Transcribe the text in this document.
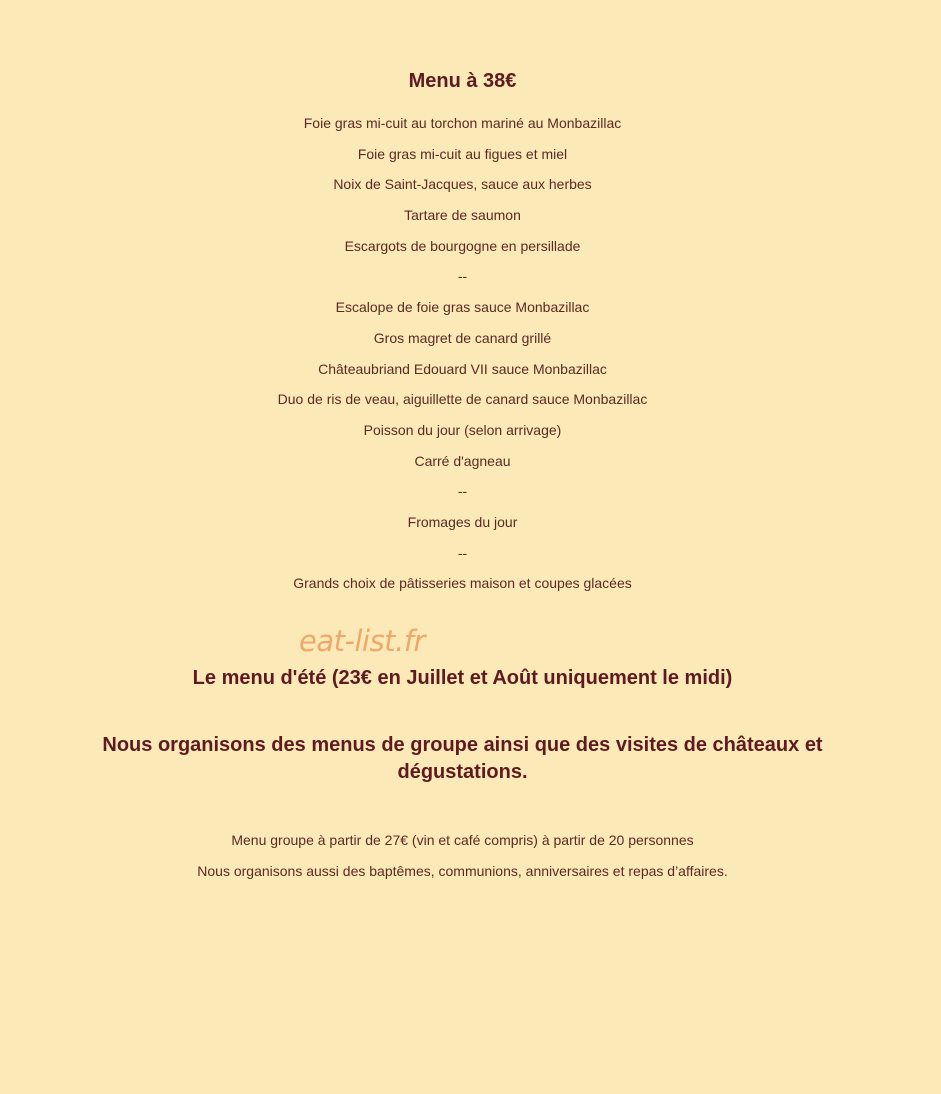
Menu à 38€
Foie gras mi-cuit au torchon mariné au Monbazillac
Foie gras mi-cuit au figues et miel
Noix de Saint-Jacques, sauce aux herbes
Tartare de saumon
Escargots de bourgogne en persillade
--
Escalope de foie gras sauce Monbazillac
Gros magret de canard grillé
Châteaubriand Edouard VII sauce Monbazillac
Duo de ris de veau, aiguillette de canard sauce Monbazillac
Poisson du jour (selon arrivage)
Carré d'agneau
--
Fromages du jour
--
Grands choix de pâtisseries maison et coupes glacées
eat-list.fr
Le menu d'été (23€ en Juillet et Août uniquement le midi)
Nous organisons des menus de groupe ainsi que des visites de châteaux et dégustations.
Menu groupe à partir de 27€ (vin et café compris) à partir de 20 personnes
Nous organisons aussi des baptêmes, communions, anniversaires et repas d’affaires.
